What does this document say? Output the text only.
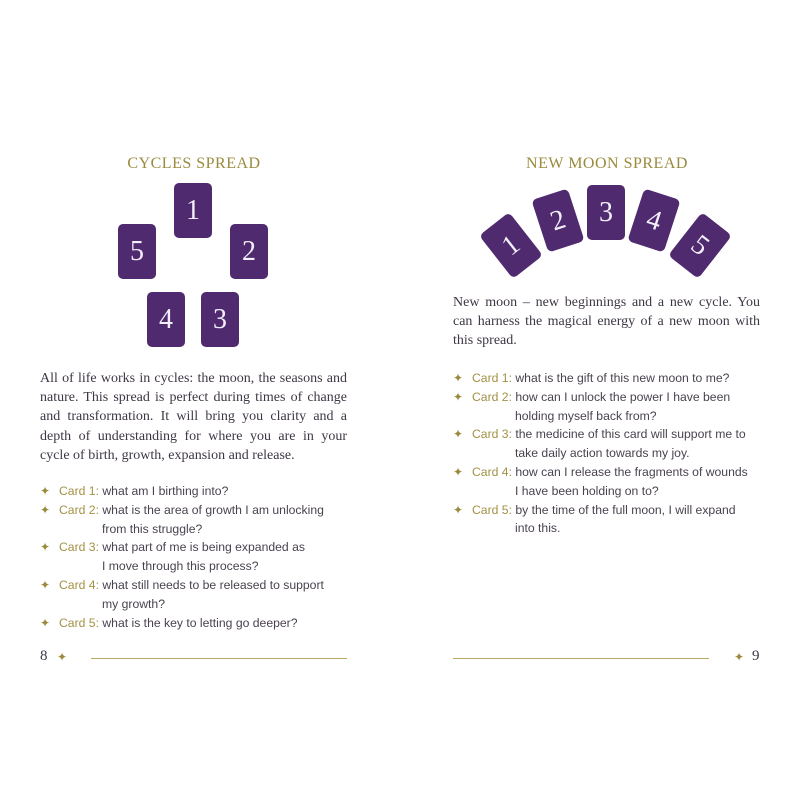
CYCLES SPREAD
1
2
3
4
5
All of life works in cycles: the moon, the seasons and nature. This spread is perfect during times of change and transformation. It will bring you clarity and a depth of understanding for where you are in your cycle of birth, growth, expansion and release.
✦ Card 1: what am I birthing into?
✦ Card 2: what is the area of growth I am unlocking
from this struggle?
✦ Card 3: what part of me is being expanded as
I move through this process?
✦ Card 4: what still needs to be released to support
my growth?
✦ Card 5: what is the key to letting go deeper?
8 ✦
NEW MOON SPREAD
1
2	3	4
5
New moon – new beginnings and a new cycle. You can harness the magical energy of a new moon with this spread.
✦ Card 1: what is the gift of this new moon to me?
✦ Card 2: how can I unlock the power I have been
holding myself back from?
✦ Card 3: the medicine of this card will support me to
take daily action towards my joy.
✦ Card 4: how can I release the fragments of wounds
I have been holding on to?
✦ Card 5: by the time of the full moon, I will expand
into this.
✦ 9
